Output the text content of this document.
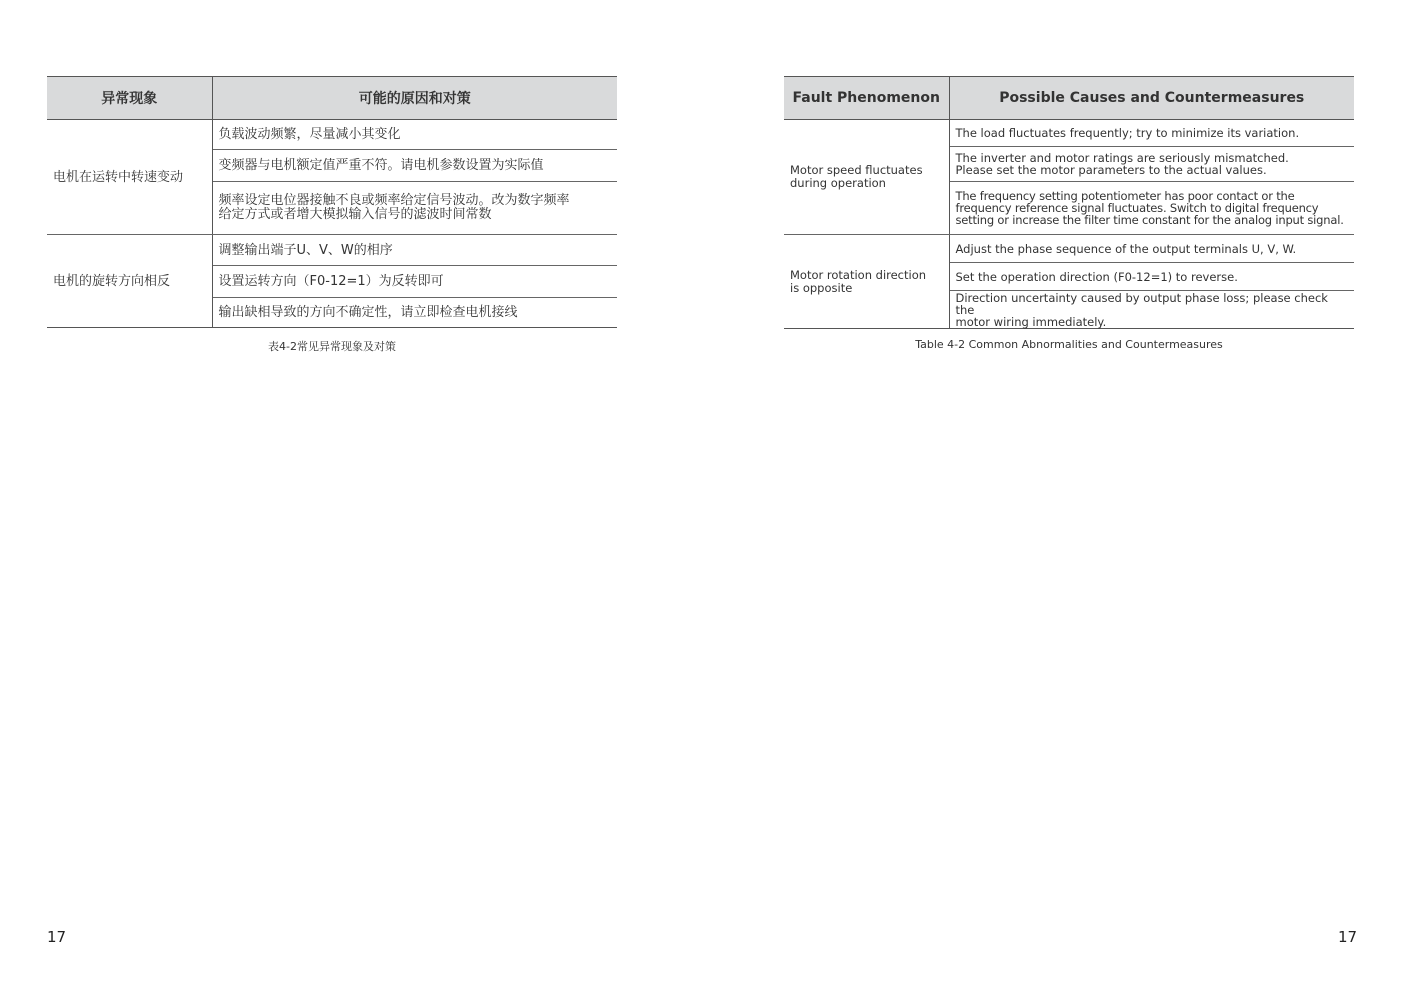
异常现象	可能的原因和对策
电机在运转中转速变动	负载波动频繁，尽量减小其变化
	变频器与电机额定值严重不符。请电机参数设置为实际值
	频率设定电位器接触不良或频率给定信号波动。改为数字频率
给定方式或者增大模拟输入信号的滤波时间常数
电机的旋转方向相反	调整输出端子U、V、W的相序
	设置运转方向（F0-12=1）为反转即可
	输出缺相导致的方向不确定性，请立即检查电机接线
表4-2常见异常现象及对策
17
Fault Phenomenon	Possible Causes and Countermeasures
Motor speed fluctuates
during operation	The load fluctuates frequently; try to minimize its variation.
	The inverter and motor ratings are seriously mismatched.
Please set the motor parameters to the actual values.
	The frequency setting potentiometer has poor contact or the
frequency reference signal fluctuates. Switch to digital frequency
setting or increase the filter time constant for the analog input signal.
Motor rotation direction
is opposite	Adjust the phase sequence of the output terminals U, V, W.
	Set the operation direction (F0-12=1) to reverse.
	Direction uncertainty caused by output phase loss; please check the
motor wiring immediately.
Table 4-2 Common Abnormalities and Countermeasures
17
